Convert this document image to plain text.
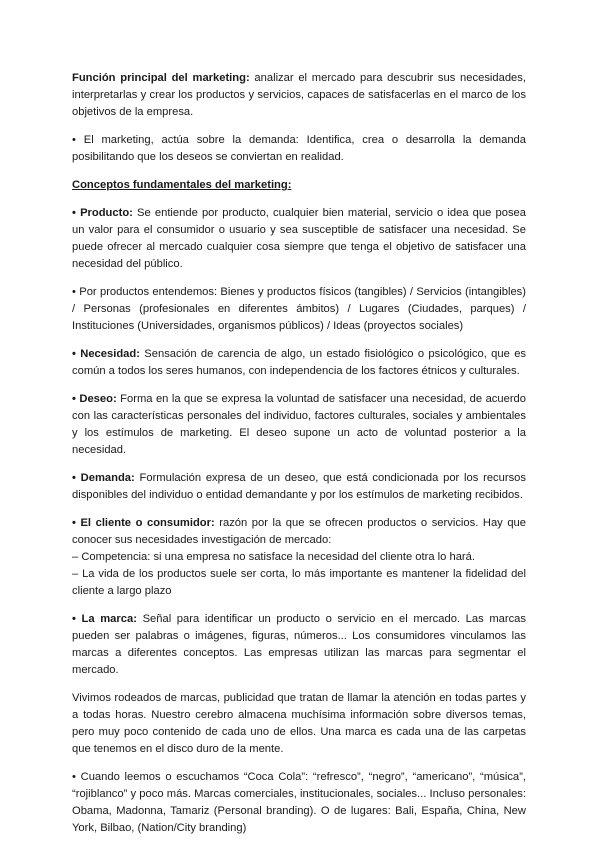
Función principal del marketing: analizar el mercado para descubrir sus necesidades, interpretarlas y crear los productos y servicios, capaces de satisfacerlas en el marco de los objetivos de la empresa.

• El marketing, actúa sobre la demanda: Identifica, crea o desarrolla la demanda posibilitando que los deseos se conviertan en realidad.

Conceptos fundamentales del marketing:

• Producto: Se entiende por producto, cualquier bien material, servicio o idea que posea un valor para el consumidor o usuario y sea susceptible de satisfacer una necesidad. Se puede ofrecer al mercado cualquier cosa siempre que tenga el objetivo de satisfacer una necesidad del público.

• Por productos entendemos: Bienes y productos físicos (tangibles) / Servicios (intangibles) / Personas (profesionales en diferentes ámbitos) / Lugares (Ciudades, parques) / Instituciones (Universidades, organismos públicos) / Ideas (proyectos sociales)

• Necesidad: Sensación de carencia de algo, un estado fisiológico o psicológico, que es común a todos los seres humanos, con independencia de los factores étnicos y culturales.

• Deseo: Forma en la que se expresa la voluntad de satisfacer una necesidad, de acuerdo con las características personales del individuo, factores culturales, sociales y ambientales y los estímulos de marketing. El deseo supone un acto de voluntad posterior a la necesidad.

• Demanda: Formulación expresa de un deseo, que está condicionada por los recursos disponibles del individuo o entidad demandante y por los estímulos de marketing recibidos.

• El cliente o consumidor: razón por la que se ofrecen productos o servicios. Hay que conocer sus necesidades investigación de mercado:
– Competencia: si una empresa no satisface la necesidad del cliente otra lo hará.
– La vida de los productos suele ser corta, lo más importante es mantener la fidelidad del cliente a largo plazo

• La marca: Señal para identificar un producto o servicio en el mercado. Las marcas pueden ser palabras o imágenes, figuras, números... Los consumidores vinculamos las marcas a diferentes conceptos. Las empresas utilizan las marcas para segmentar el mercado.

Vivimos rodeados de marcas, publicidad que tratan de llamar la atención en todas partes y a todas horas. Nuestro cerebro almacena muchísima información sobre diversos temas, pero muy poco contenido de cada uno de ellos. Una marca es cada una de las carpetas que tenemos en el disco duro de la mente.

• Cuando leemos o escuchamos “Coca Cola”: “refresco”, “negro”, “americano”, “música”, “rojiblanco” y poco más. Marcas comerciales, institucionales, sociales... Incluso personales: Obama, Madonna, Tamariz (Personal branding). O de lugares: Bali, España, China, New York, Bilbao, (Nation/City branding)
